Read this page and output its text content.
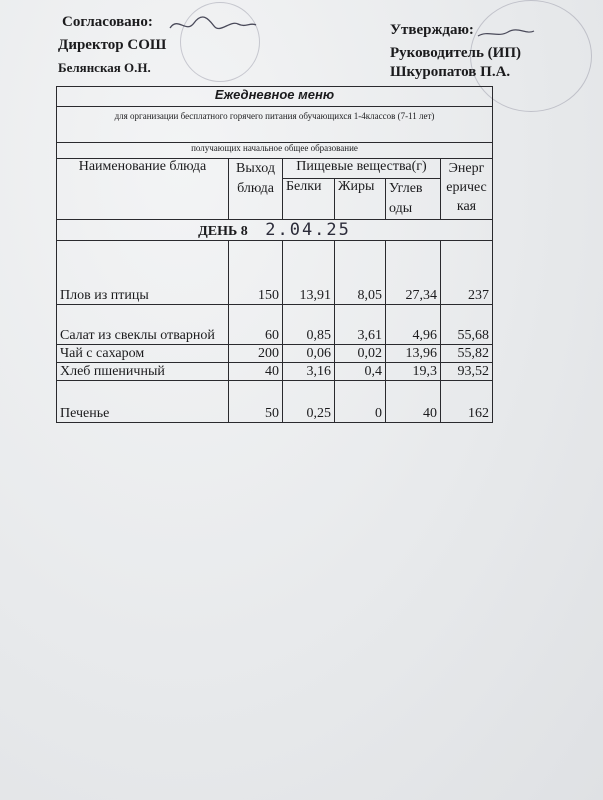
Согласовано:
Директор СОШ
Белянская О.Н.
Утверждаю:
Руководитель (ИП)
Шкуропатов П.А.
Ежедневное меню					
для организации бесплатного горячего питания обучающихся 1-4классов (7-11 лет)					
получающих начальное общее образование					
Наименование блюда	Выход блюда	Пищевые вещества(г)			Энерг еричес кая
		Белки	Жиры	Углев оды	
ДЕНЬ 8 2.04.25					
Плов из птицы	150	13,91	8,05	27,34	237
Салат из свеклы отварной	60	0,85	3,61	4,96	55,68
Чай с сахаром	200	0,06	0,02	13,96	55,82
Хлеб пшеничный	40	3,16	0,4	19,3	93,52
Печенье	50	0,25	0	40	162
